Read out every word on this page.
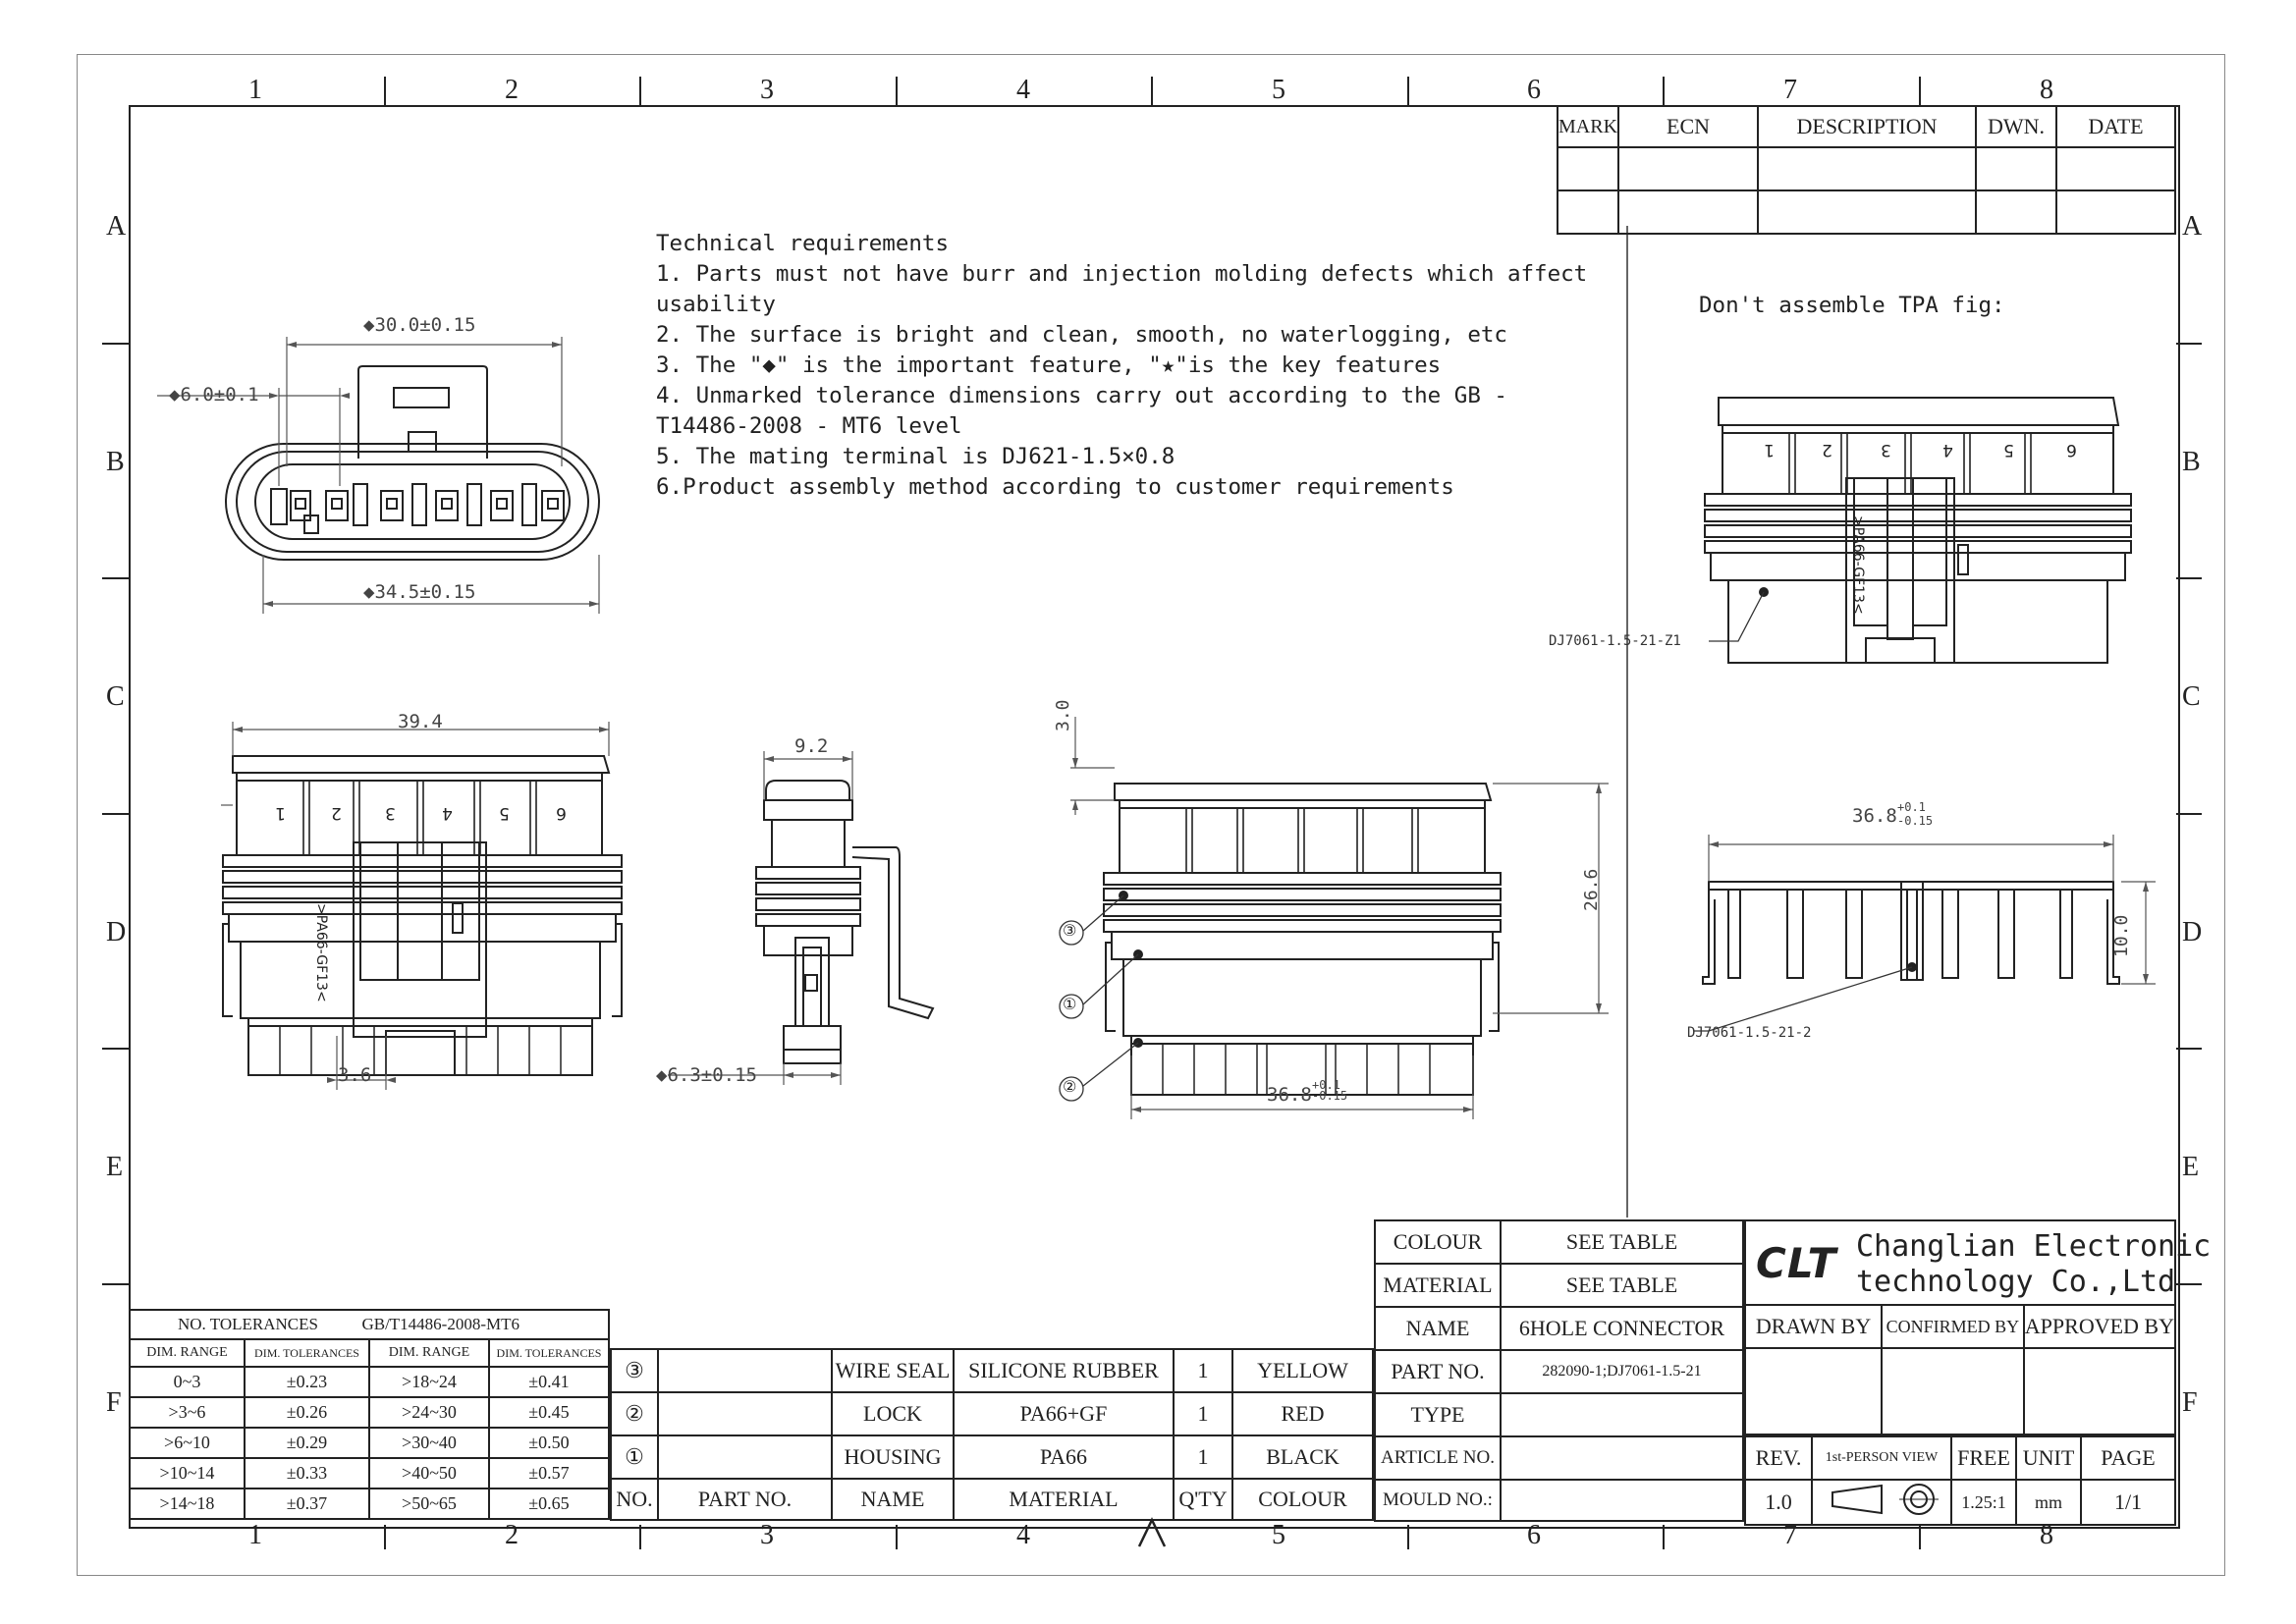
1	2	3	4	5	6	7	8
1	2	3	4	5	6	7	8
A
B
C
D
E
F
A
B
C
D
E
F
MARK	ECN	DESCRIPTION	DWN.	DATE

Technical requirements
1. Parts must not have burr and injection molding defects which affect
usability
2. The surface is bright and clean, smooth, no waterlogging, etc
3. The "◆" is the important feature, "★"is the key features
4. Unmarked tolerance dimensions carry out according to the GB -
T14486-2008 - MT6 level
5. The mating terminal is DJ621-1.5×0.8
6.Product assembly method according to customer requirements
Don't assemble TPA fig:
◆30.0±0.15
◆6.0±0.1
◆34.5±0.15
1	2	3	4	5	6
>PA66-GF13<
39.4
3.6
9.2
◆6.3±0.15
③
①
②
3.0
26.6
36.8 +0.1
-0.15
1	2	3	4	5	6
>PA66-GF13<
DJ7061-1.5-21-Z1
36.8 +0.1
-0.15
10.0
DJ7061-1.5-21-2
NO. TOLERANCES GB/T14486-2008-MT6			
DIM. RANGE	DIM. TOLERANCES	DIM. RANGE	DIM. TOLERANCES
0~3	±0.23	>18~24	±0.41
>3~6	±0.26	>24~30	±0.45
>6~10	±0.29	>30~40	±0.50
>10~14	±0.33	>40~50	±0.57
>14~18	±0.37	>50~65	±0.65
③		WIRE SEAL	SILICONE RUBBER	1	YELLOW
②		LOCK	PA66+GF	1	RED
①		HOUSING	PA66	1	BLACK
NO.	PART NO.	NAME	MATERIAL	Q'TY	COLOUR
COLOUR	SEE TABLE
MATERIAL	SEE TABLE
NAME	6HOLE CONNECTOR
PART NO.	282090-1;DJ7061-1.5-21
TYPE	
ARTICLE NO.	
MOULD NO.:	
CLT Changlian Electronic
technology Co.,Ltd
DRAWN BY	CONFIRMED BY	APPROVED BY

REV.	1st-PERSON VIEW	FREE	UNIT	PAGE
1.0		1.25:1	mm	1/1
